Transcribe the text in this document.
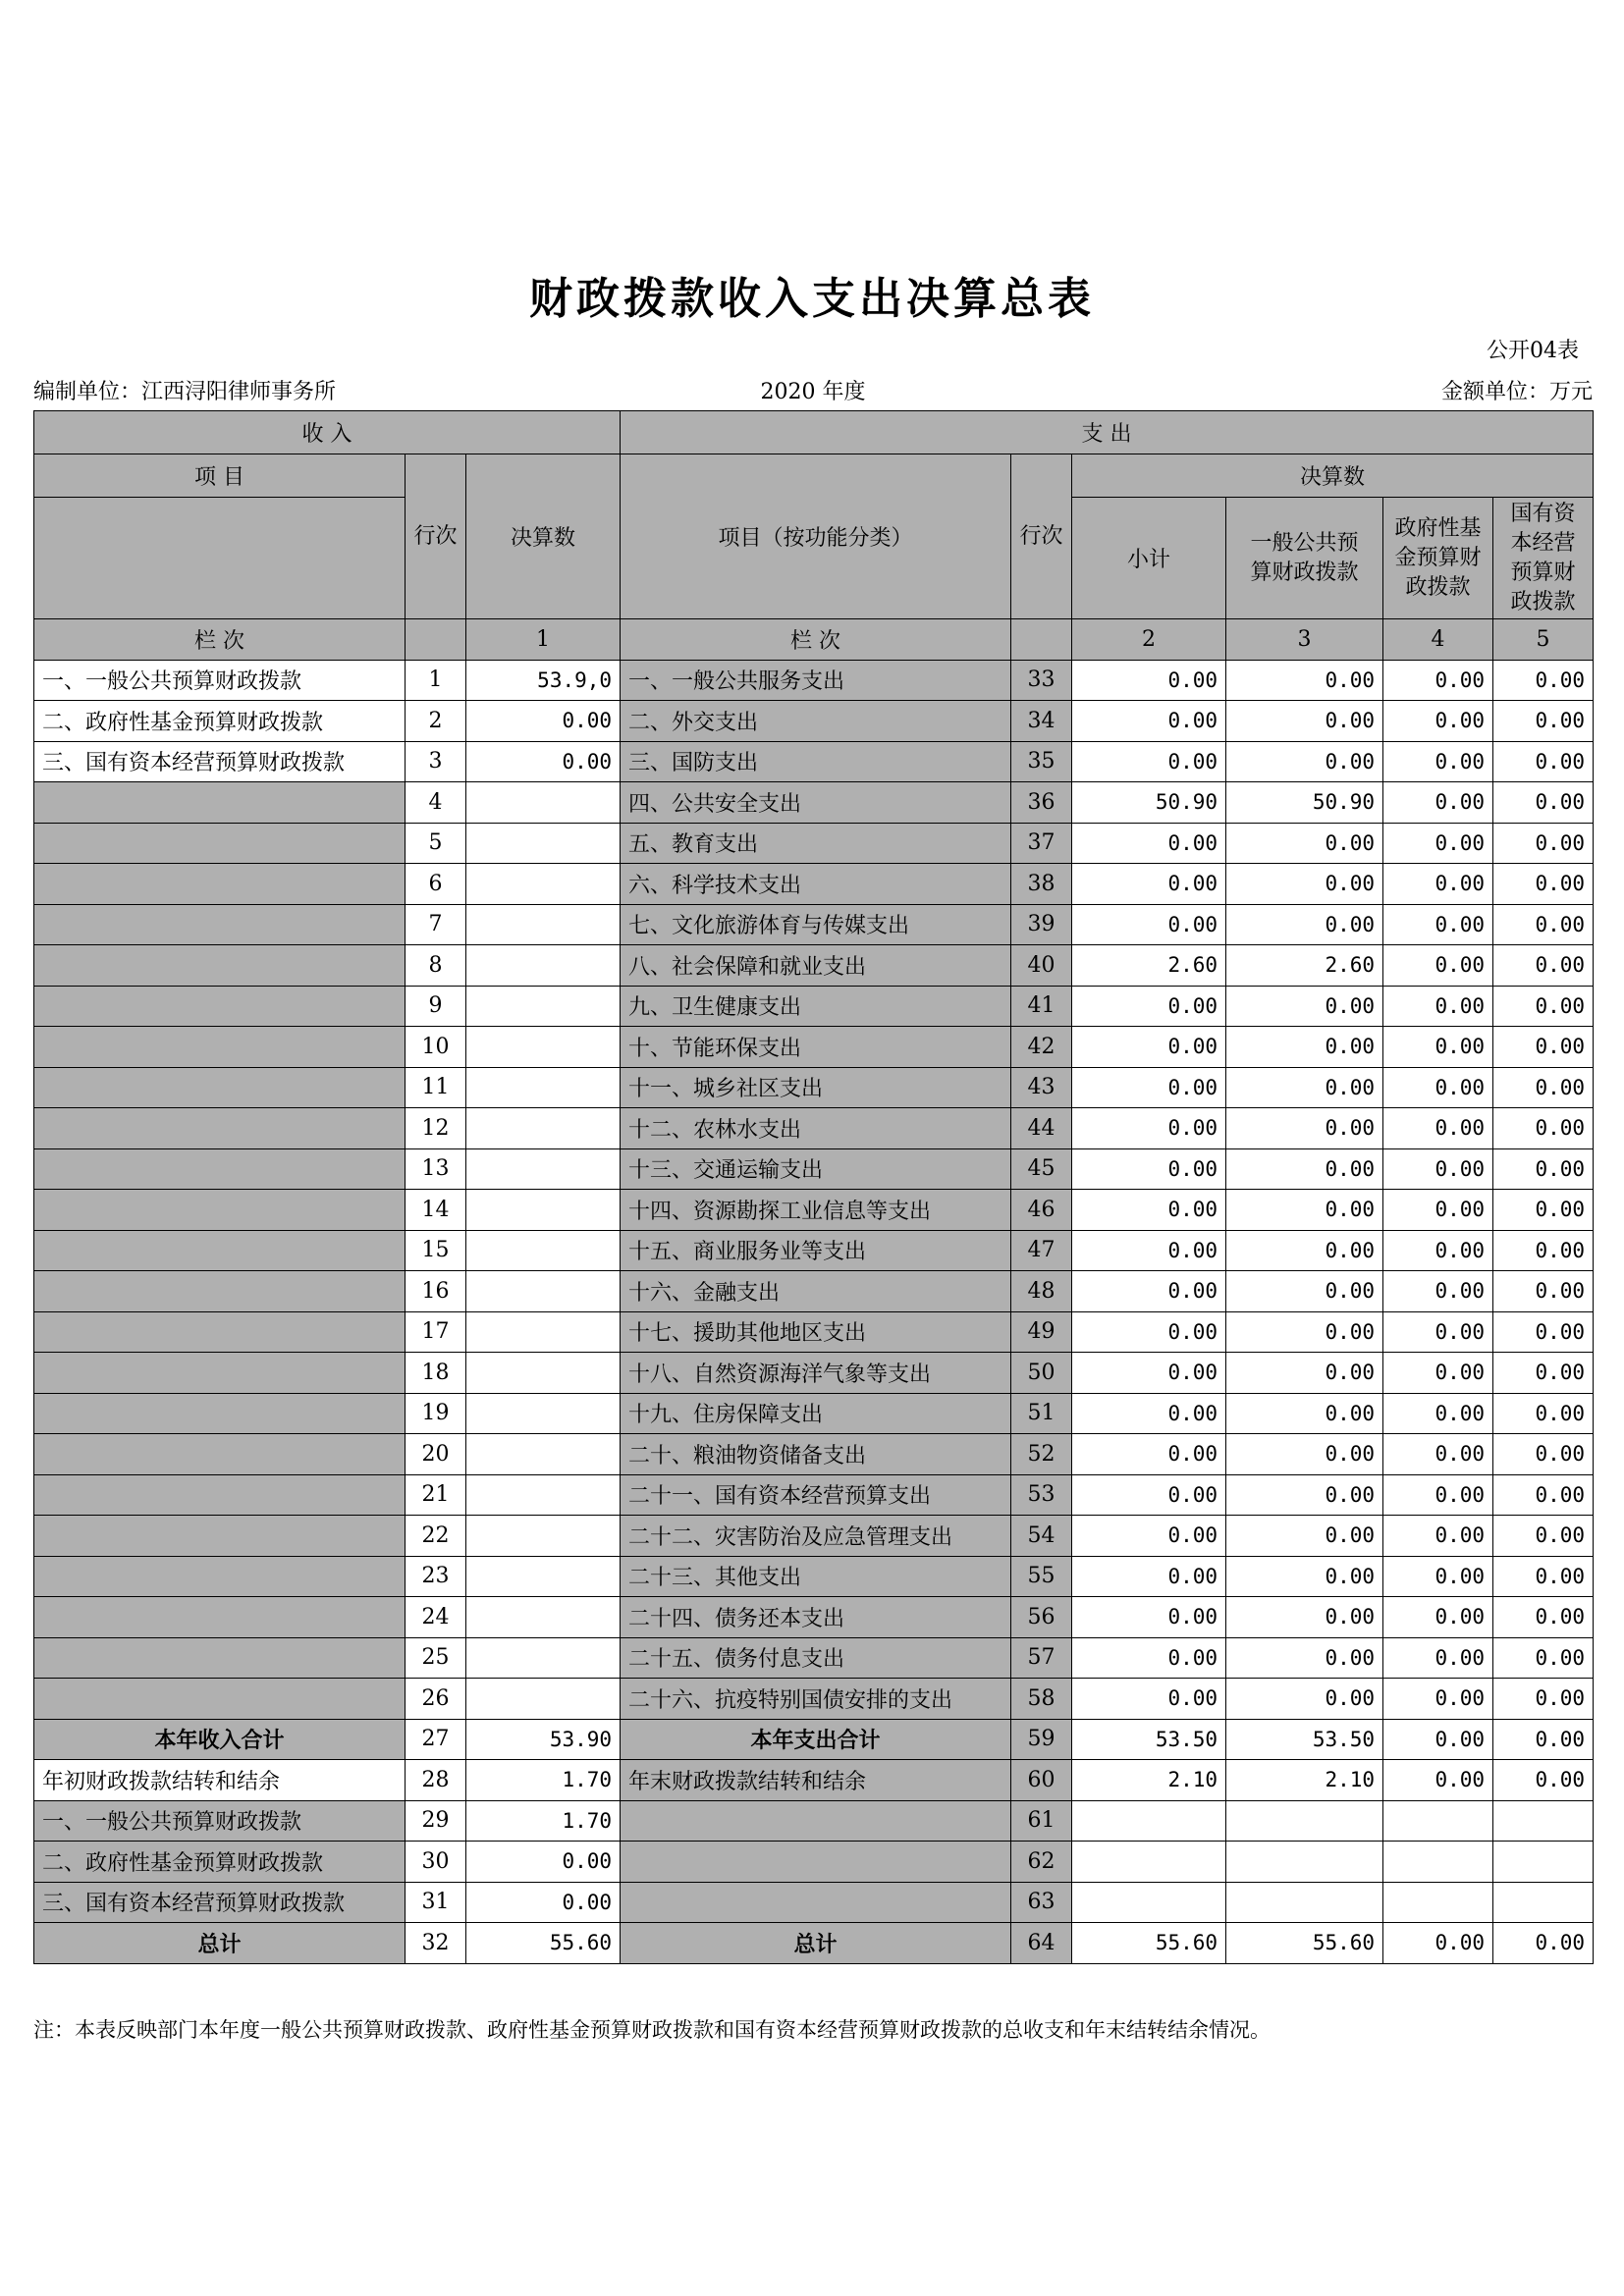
财政拨款收入支出决算总表
公开04表
编制单位：江西浔阳律师事务所	2020 年度	金额单位：万元
收 入			支 出					
项 目	行次	决算数	项目（按功能分类）	行次	决算数			
					小计	一般公共预算财政拨款	政府性基金预算财政拨款	国有资本经营预算财政拨款
栏 次		1	栏 次		2	3	4	5
一、一般公共预算财政拨款	1	53.9,0	一、一般公共服务支出	33	0.00	0.00	0.00	0.00
二、政府性基金预算财政拨款	2	0.00	二、外交支出	34	0.00	0.00	0.00	0.00
三、国有资本经营预算财政拨款	3	0.00	三、国防支出	35	0.00	0.00	0.00	0.00
	4		四、公共安全支出	36	50.90	50.90	0.00	0.00
	5		五、教育支出	37	0.00	0.00	0.00	0.00
	6		六、科学技术支出	38	0.00	0.00	0.00	0.00
	7		七、文化旅游体育与传媒支出	39	0.00	0.00	0.00	0.00
	8		八、社会保障和就业支出	40	2.60	2.60	0.00	0.00
	9		九、卫生健康支出	41	0.00	0.00	0.00	0.00
	10		十、节能环保支出	42	0.00	0.00	0.00	0.00
	11		十一、城乡社区支出	43	0.00	0.00	0.00	0.00
	12		十二、农林水支出	44	0.00	0.00	0.00	0.00
	13		十三、交通运输支出	45	0.00	0.00	0.00	0.00
	14		十四、资源勘探工业信息等支出	46	0.00	0.00	0.00	0.00
	15		十五、商业服务业等支出	47	0.00	0.00	0.00	0.00
	16		十六、金融支出	48	0.00	0.00	0.00	0.00
	17		十七、援助其他地区支出	49	0.00	0.00	0.00	0.00
	18		十八、自然资源海洋气象等支出	50	0.00	0.00	0.00	0.00
	19		十九、住房保障支出	51	0.00	0.00	0.00	0.00
	20		二十、粮油物资储备支出	52	0.00	0.00	0.00	0.00
	21		二十一、国有资本经营预算支出	53	0.00	0.00	0.00	0.00
	22		二十二、灾害防治及应急管理支出	54	0.00	0.00	0.00	0.00
	23		二十三、其他支出	55	0.00	0.00	0.00	0.00
	24		二十四、债务还本支出	56	0.00	0.00	0.00	0.00
	25		二十五、债务付息支出	57	0.00	0.00	0.00	0.00
	26		二十六、抗疫特别国债安排的支出	58	0.00	0.00	0.00	0.00
本年收入合计	27	53.90	本年支出合计	59	53.50	53.50	0.00	0.00
年初财政拨款结转和结余	28	1.70	年末财政拨款结转和结余	60	2.10	2.10	0.00	0.00
一、一般公共预算财政拨款	29	1.70		61				
二、政府性基金预算财政拨款	30	0.00		62				
三、国有资本经营预算财政拨款	31	0.00		63				
总计	32	55.60	总计	64	55.60	55.60	0.00	0.00
注：本表反映部门本年度一般公共预算财政拨款、政府性基金预算财政拨款和国有资本经营预算财政拨款的总收支和年末结转结余情况。
